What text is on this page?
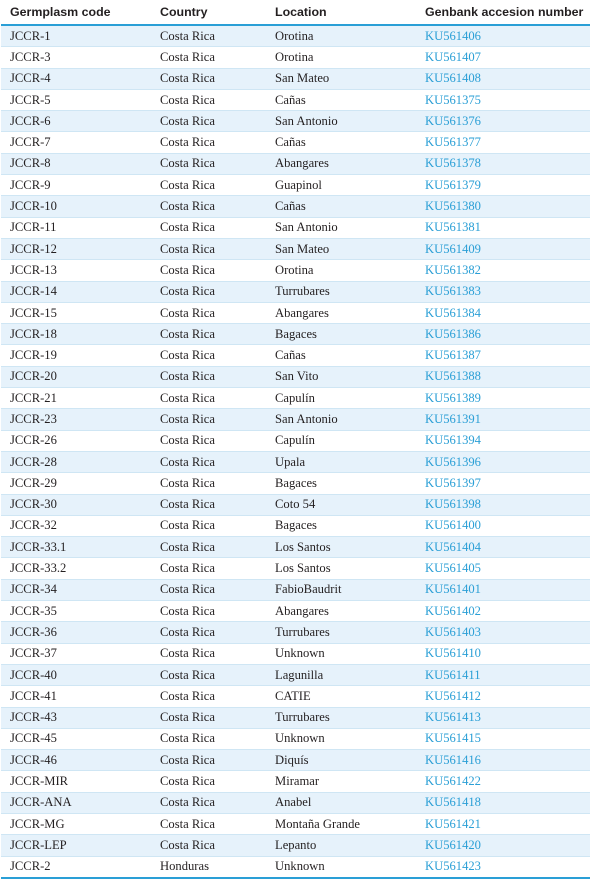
Germplasm code	Country	Location	Genbank accesion number
JCCR-1	Costa Rica	Orotina	KU561406
JCCR-3	Costa Rica	Orotina	KU561407
JCCR-4	Costa Rica	San Mateo	KU561408
JCCR-5	Costa Rica	Cañas	KU561375
JCCR-6	Costa Rica	San Antonio	KU561376
JCCR-7	Costa Rica	Cañas	KU561377
JCCR-8	Costa Rica	Abangares	KU561378
JCCR-9	Costa Rica	Guapinol	KU561379
JCCR-10	Costa Rica	Cañas	KU561380
JCCR-11	Costa Rica	San Antonio	KU561381
JCCR-12	Costa Rica	San Mateo	KU561409
JCCR-13	Costa Rica	Orotina	KU561382
JCCR-14	Costa Rica	Turrubares	KU561383
JCCR-15	Costa Rica	Abangares	KU561384
JCCR-18	Costa Rica	Bagaces	KU561386
JCCR-19	Costa Rica	Cañas	KU561387
JCCR-20	Costa Rica	San Vito	KU561388
JCCR-21	Costa Rica	Capulín	KU561389
JCCR-23	Costa Rica	San Antonio	KU561391
JCCR-26	Costa Rica	Capulín	KU561394
JCCR-28	Costa Rica	Upala	KU561396
JCCR-29	Costa Rica	Bagaces	KU561397
JCCR-30	Costa Rica	Coto 54	KU561398
JCCR-32	Costa Rica	Bagaces	KU561400
JCCR-33.1	Costa Rica	Los Santos	KU561404
JCCR-33.2	Costa Rica	Los Santos	KU561405
JCCR-34	Costa Rica	FabioBaudrit	KU561401
JCCR-35	Costa Rica	Abangares	KU561402
JCCR-36	Costa Rica	Turrubares	KU561403
JCCR-37	Costa Rica	Unknown	KU561410
JCCR-40	Costa Rica	Lagunilla	KU561411
JCCR-41	Costa Rica	CATIE	KU561412
JCCR-43	Costa Rica	Turrubares	KU561413
JCCR-45	Costa Rica	Unknown	KU561415
JCCR-46	Costa Rica	Diquís	KU561416
JCCR-MIR	Costa Rica	Miramar	KU561422
JCCR-ANA	Costa Rica	Anabel	KU561418
JCCR-MG	Costa Rica	Montaña Grande	KU561421
JCCR-LEP	Costa Rica	Lepanto	KU561420
JCCR-2	Honduras	Unknown	KU561423
